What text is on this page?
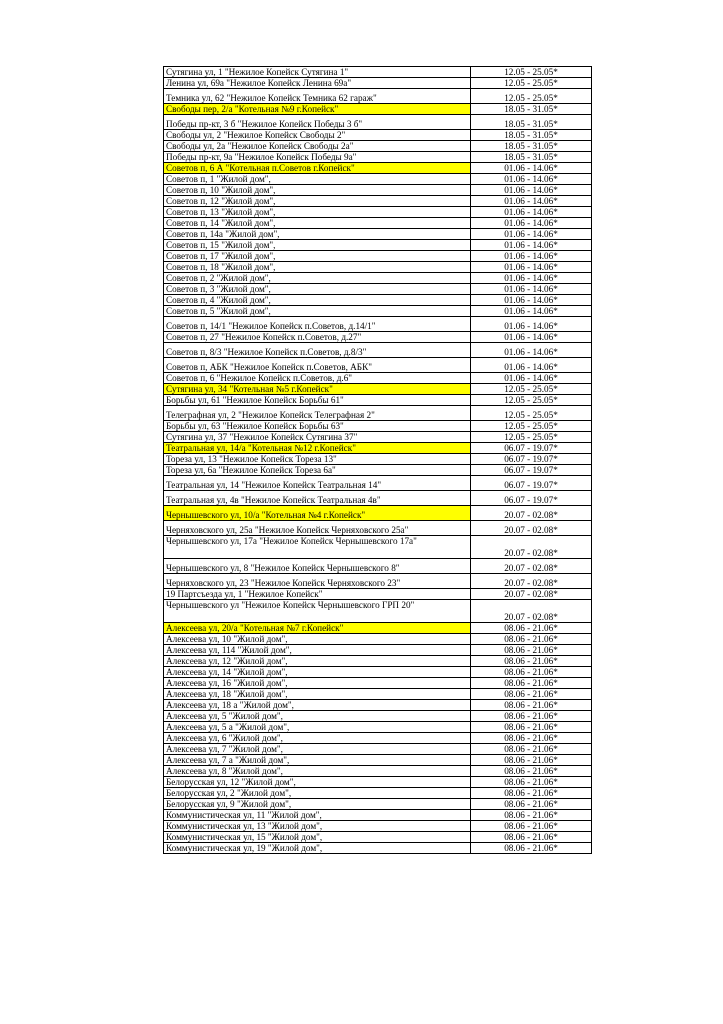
Сутягина ул, 1 "Нежилое Копейск Сутягина 1"	12.05 - 25.05*
Ленина ул, 69а "Нежилое Копейск Ленина 69а"	12.05 - 25.05*
Темника ул, 62 "Нежилое Копейск Темника 62 гараж"	12.05 - 25.05*
Свободы пер, 2/а "Котельная №9 г.Копейск"	18.05 - 31.05*
Победы пр-кт, 3 б "Нежилое Копейск Победы 3 б"	18.05 - 31.05*
Свободы ул, 2 "Нежилое Копейск Свободы 2"	18.05 - 31.05*
Свободы ул, 2а "Нежилое Копейск Свободы 2а"	18.05 - 31.05*
Победы пр-кт, 9а "Нежилое Копейск Победы 9а"	18.05 - 31.05*
Советов п, 6 А "Котельная п.Советов г.Копейск"	01.06 - 14.06*
Советов п, 1 "Жилой дом",	01.06 - 14.06*
Советов п, 10 "Жилой дом",	01.06 - 14.06*
Советов п, 12 "Жилой дом",	01.06 - 14.06*
Советов п, 13 "Жилой дом",	01.06 - 14.06*
Советов п, 14 "Жилой дом",	01.06 - 14.06*
Советов п, 14а "Жилой дом",	01.06 - 14.06*
Советов п, 15 "Жилой дом",	01.06 - 14.06*
Советов п, 17 "Жилой дом",	01.06 - 14.06*
Советов п, 18 "Жилой дом",	01.06 - 14.06*
Советов п, 2 "Жилой дом",	01.06 - 14.06*
Советов п, 3 "Жилой дом",	01.06 - 14.06*
Советов п, 4 "Жилой дом",	01.06 - 14.06*
Советов п, 5 "Жилой дом",	01.06 - 14.06*
Советов п, 14/1 "Нежилое Копейск п.Советов, д.14/1"	01.06 - 14.06*
Советов п, 27 "Нежилое Копейск п.Советов, д.27"	01.06 - 14.06*
Советов п, 8/3 "Нежилое Копейск п.Советов, д.8/3"	01.06 - 14.06*
Советов п, АБК "Нежилое Копейск п.Советов, АБК"	01.06 - 14.06*
Советов п, 6 "Нежилое Копейск п.Советов, д.6"	01.06 - 14.06*
Сутягина ул, 34 "Котельная №5 г.Копейск"	12.05 - 25.05*
Борьбы ул, 61 "Нежилое Копейск Борьбы 61"	12.05 - 25.05*
Телеграфная ул, 2 "Нежилое Копейск Телеграфная 2"	12.05 - 25.05*
Борьбы ул, 63 "Нежилое Копейск Борьбы 63"	12.05 - 25.05*
Сутягина ул, 37 "Нежилое Копейск Сутягина 37"	12.05 - 25.05*
Театральная ул, 14/а "Котельная №12 г.Копейск"	06.07 - 19.07*
Тореза ул, 13 "Нежилое Копейск Тореза 13"	06.07 - 19.07*
Тореза ул, 6а "Нежилое Копейск Тореза 6а"	06.07 - 19.07*
Театральная ул, 14 "Нежилое Копейск Театральная 14"	06.07 - 19.07*
Театральная ул, 4в "Нежилое Копейск Театральная 4в"	06.07 - 19.07*
Чернышевского ул, 10/а "Котельная №4 г.Копейск"	20.07 - 02.08*
Черняховского ул, 25а "Нежилое Копейск Черняховского 25а"	20.07 - 02.08*
Чернышевского ул, 17а "Нежилое Копейск Чернышевского 17а"	20.07 - 02.08*
Чернышевского ул, 8 "Нежилое Копейск Чернышевского 8"	20.07 - 02.08*
Черняховского ул, 23 "Нежилое Копейск Черняховского 23"	20.07 - 02.08*
19 Партсъезда ул, 1 "Нежилое Копейск"	20.07 - 02.08*
Чернышевского ул "Нежилое Копейск Чернышевского ГРП 20"	20.07 - 02.08*
Алексеева ул, 20/а "Котельная №7 г.Копейск"	08.06 - 21.06*
Алексеева ул, 10 "Жилой дом",	08.06 - 21.06*
Алексеева ул, 114 "Жилой дом",	08.06 - 21.06*
Алексеева ул, 12 "Жилой дом",	08.06 - 21.06*
Алексеева ул, 14 "Жилой дом",	08.06 - 21.06*
Алексеева ул, 16 "Жилой дом",	08.06 - 21.06*
Алексеева ул, 18 "Жилой дом",	08.06 - 21.06*
Алексеева ул, 18 а "Жилой дом",	08.06 - 21.06*
Алексеева ул, 5 "Жилой дом",	08.06 - 21.06*
Алексеева ул, 5 а "Жилой дом",	08.06 - 21.06*
Алексеева ул, 6 "Жилой дом",	08.06 - 21.06*
Алексеева ул, 7 "Жилой дом",	08.06 - 21.06*
Алексеева ул, 7 а "Жилой дом",	08.06 - 21.06*
Алексеева ул, 8 "Жилой дом",	08.06 - 21.06*
Белорусская ул, 12 "Жилой дом",	08.06 - 21.06*
Белорусская ул, 2 "Жилой дом",	08.06 - 21.06*
Белорусская ул, 9 "Жилой дом",	08.06 - 21.06*
Коммунистическая ул, 11 "Жилой дом",	08.06 - 21.06*
Коммунистическая ул, 13 "Жилой дом",	08.06 - 21.06*
Коммунистическая ул, 15 "Жилой дом",	08.06 - 21.06*
Коммунистическая ул, 19 "Жилой дом",	08.06 - 21.06*
